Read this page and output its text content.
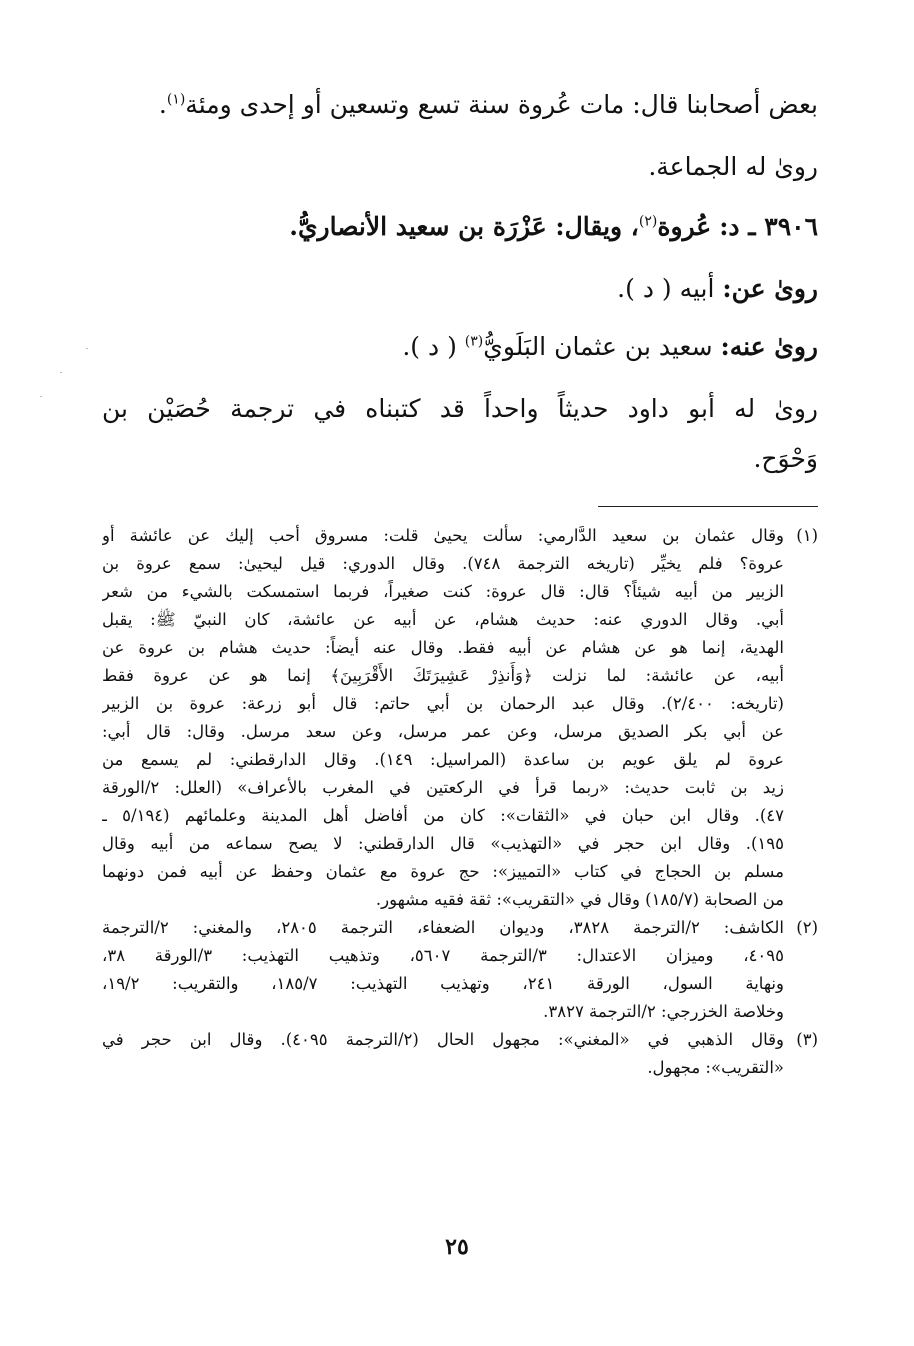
بعض أصحابنا قال: مات عُروة سنة تسع وتسعين أو إحدى ومئة$^{(١)}$.
رویٰ له الجماعة.
٣٩٠٦ ـ د: عُروة$^{(٢)}$، ويقال: عَزْرَة بن سعيد الأنصاريُّ.
رویٰ عن: أبيه ( د ).
رویٰ عنه: سعيد بن عثمان البَلَويُّ$^{(٣)}$ ( د ).
رویٰ له أبو داود حديثاً واحداً قد كتبناه في ترجمة حُصَيْن بن
وَحْوَح.
(١)
وقال عثمان بن سعيد الدَّارمي: سألت يحيىٰ قلت: مسروق أحب إليك عن عائشة أو
عروة؟ فلم يخيِّر (تاريخه الترجمة ٧٤٨). وقال الدوري: قيل ليحيىٰ: سمع عروة بن
الزبير من أبيه شيئاً؟ قال: قال عروة: كنت صغيراً، فربما استمسكت بالشيء من شعر
أبي. وقال الدوري عنه: حديث هشام، عن أبيه عن عائشة، كان النبيّ ﷺ: يقبل
الهدية، إنما هو عن هشام عن أبيه فقط. وقال عنه أيضاً: حديث هشام بن عروة عن
أبيه، عن عائشة: لما نزلت ﴿وَأَنذِرْ عَشِيرَتَكَ الأَقْرَبِينَ﴾ إنما هو عن عروة فقط
(تاريخه: ٢/٤٠٠). وقال عبد الرحمان بن أبي حاتم: قال أبو زرعة: عروة بن الزبير
عن أبي بكر الصديق مرسل، وعن عمر مرسل، وعن سعد مرسل. وقال: قال أبي:
عروة لم يلق عويم بن ساعدة (المراسيل: ١٤٩). وقال الدارقطني: لم يسمع من
زيد بن ثابت حديث: «ربما قرأ في الركعتين في المغرب بالأعراف» (العلل: ٢/الورقة
٤٧). وقال ابن حبان في «الثقات»: كان من أفاضل أهل المدينة وعلمائهم (٥/١٩٤ ـ
١٩٥). وقال ابن حجر في «التهذيب» قال الدارقطني: لا يصح سماعه من أبيه وقال
مسلم بن الحجاج في كتاب «التمييز»: حج عروة مع عثمان وحفظ عن أبيه فمن دونهما
من الصحابة (١٨٥/٧) وقال في «التقريب»: ثقة فقيه مشهور.
(٢)
الكاشف: ٢/الترجمة ٣٨٢٨، وديوان الضعفاء، الترجمة ٢٨٠٥، والمغني: ٢/الترجمة
٤٠٩٥، وميزان الاعتدال: ٣/الترجمة ٥٦٠٧، وتذهيب التهذيب: ٣/الورقة ٣٨،
ونهاية السول، الورقة ٢٤١، وتهذيب التهذيب: ١٨٥/٧، والتقريب: ١٩/٢،
وخلاصة الخزرجي: ٢/الترجمة ٣٨٢٧.
(٣)
وقال الذهبي في «المغني»: مجهول الحال (٢/الترجمة ٤٠٩٥). وقال ابن حجر في
«التقريب»: مجهول.
٢٥
